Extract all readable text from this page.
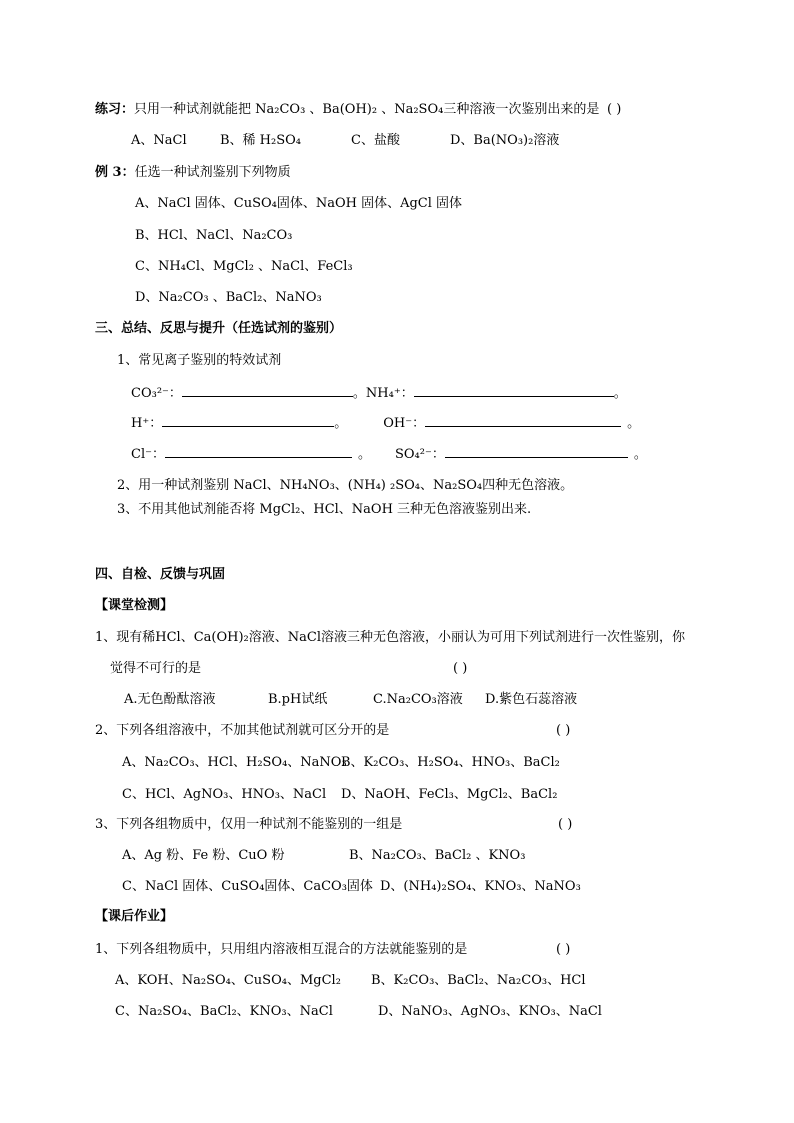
练习：只用一种试剂就能把 Na₂CO₃ 、Ba(OH)₂ 、Na₂SO₄三种溶液一次鉴别出来的是 ( )
A、NaCl	B、稀 H₂SO₄	C、盐酸	D、Ba(NO₃)₂溶液
例 3：任选一种试剂鉴别下列物质
A、NaCl 固体、CuSO₄固体、NaOH 固体、AgCl 固体
B、HCl、NaCl、Na₂CO₃
C、NH₄Cl、MgCl₂ 、NaCl、FeCl₃
D、Na₂CO₃ 、BaCl₂、NaNO₃
三、总结、反思与提升（任选试剂的鉴别）
1、常见离子鉴别的特效试剂
CO₃²⁻：	。NH₄⁺：	。
H⁺：	。	OH⁻：	。
Cl⁻：	。 SO₄²⁻：	。
2、用一种试剂鉴别 NaCl、NH₄NO₃、(NH₄) ₂SO₄、Na₂SO₄四种无色溶液。
3、不用其他试剂能否将 MgCl₂、HCl、NaOH 三种无色溶液鉴别出来.
四、自检、反馈与巩固
【课堂检测】
1、现有稀HCl、Ca(OH)₂溶液、NaCl溶液三种无色溶液，小丽认为可用下列试剂进行一次性鉴别，你
觉得不可行的是	( )
A.无色酚酞溶液	B.pH试纸	C.Na₂CO₃溶液 D.紫色石蕊溶液
2、下列各组溶液中，不加其他试剂就可区分开的是	( )
A、Na₂CO₃、HCl、H₂SO₄、NaNO₃
B、K₂CO₃、H₂SO₄、HNO₃、BaCl₂
C、HCl、AgNO₃、HNO₃、NaCl D、NaOH、FeCl₃、MgCl₂、BaCl₂
3、下列各组物质中，仅用一种试剂不能鉴别的一组是	( )
A、Ag 粉、Fe 粉、CuO 粉	B、Na₂CO₃、BaCl₂ 、KNO₃
C、NaCl 固体、CuSO₄固体、CaCO₃固体 D、(NH₄)₂SO₄、KNO₃、NaNO₃
【课后作业】
1、下列各组物质中，只用组内溶液相互混合的方法就能鉴别的是	( )
A、KOH、Na₂SO₄、CuSO₄、MgCl₂ B、K₂CO₃、BaCl₂、Na₂CO₃、HCl
C、Na₂SO₄、BaCl₂、KNO₃、NaCl	D、NaNO₃、AgNO₃、KNO₃、NaCl
